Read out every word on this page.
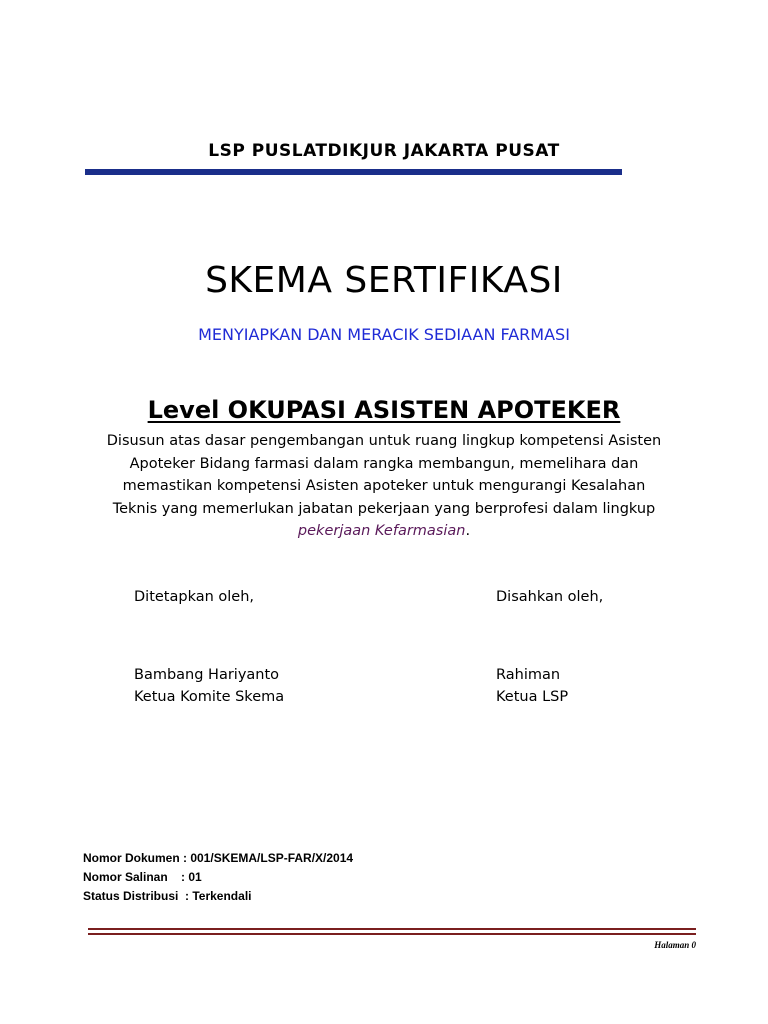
LSP PUSLATDIKJUR JAKARTA PUSAT
SKEMA SERTIFIKASI
MENYIAPKAN DAN MERACIK SEDIAAN FARMASI
Level OKUPASI ASISTEN APOTEKER
Disusun atas dasar pengembangan untuk ruang lingkup kompetensi Asisten Apoteker Bidang farmasi dalam rangka membangun, memelihara dan memastikan kompetensi Asisten apoteker untuk mengurangi Kesalahan Teknis yang memerlukan jabatan pekerjaan yang berprofesi dalam lingkup pekerjaan Kefarmasian.
Ditetapkan oleh,	Disahkan oleh,
Bambang Hariyanto
Ketua Komite Skema
Rahiman
Ketua LSP
Nomor Dokumen : 001/SKEMA/LSP-FAR/X/2014
Nomor Salinan    : 01
Status Distribusi  : Terkendali
Halaman 0
